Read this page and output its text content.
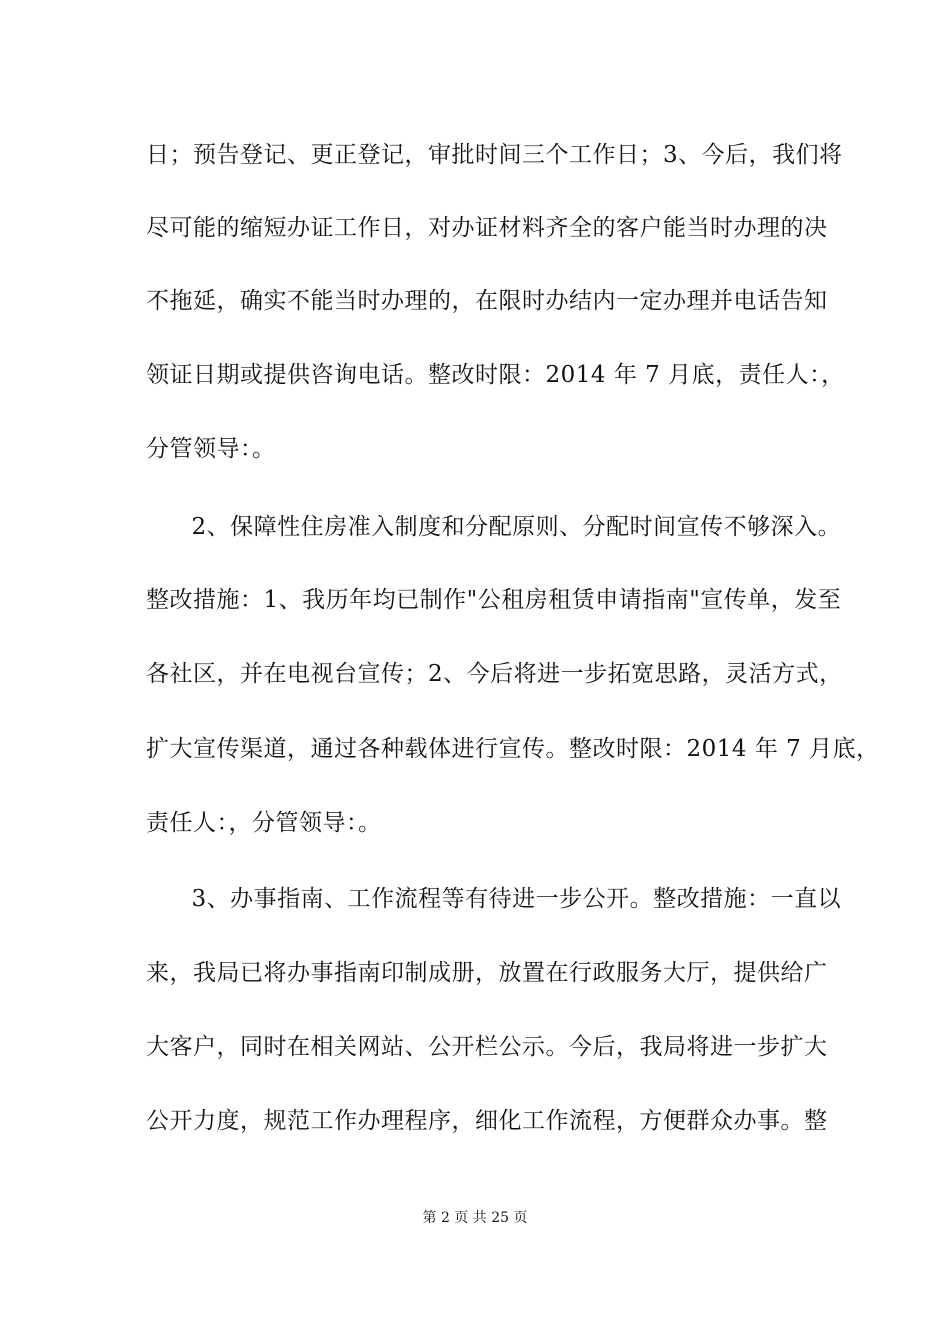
日；预告登记、更正登记，审批时间三个工作日；3、今后，我们将
尽可能的缩短办证工作日，对办证材料齐全的客户能当时办理的决
不拖延，确实不能当时办理的，在限时办结内一定办理并电话告知
领证日期或提供咨询电话。整改时限：2014 年 7 月底，责任人：，
分管领导：。
　2、保障性住房准入制度和分配原则、分配时间宣传不够深入。
整改措施：1、我历年均已制作"公租房租赁申请指南"宣传单，发至
各社区，并在电视台宣传；2、今后将进一步拓宽思路，灵活方式，
扩大宣传渠道，通过各种载体进行宣传。整改时限：2014 年 7 月底，
责任人：，分管领导：。
　3、办事指南、工作流程等有待进一步公开。整改措施：一直以
来，我局已将办事指南印制成册，放置在行政服务大厅，提供给广
大客户，同时在相关网站、公开栏公示。今后，我局将进一步扩大
公开力度，规范工作办理程序，细化工作流程，方便群众办事。整
第 2 页 共 25 页
